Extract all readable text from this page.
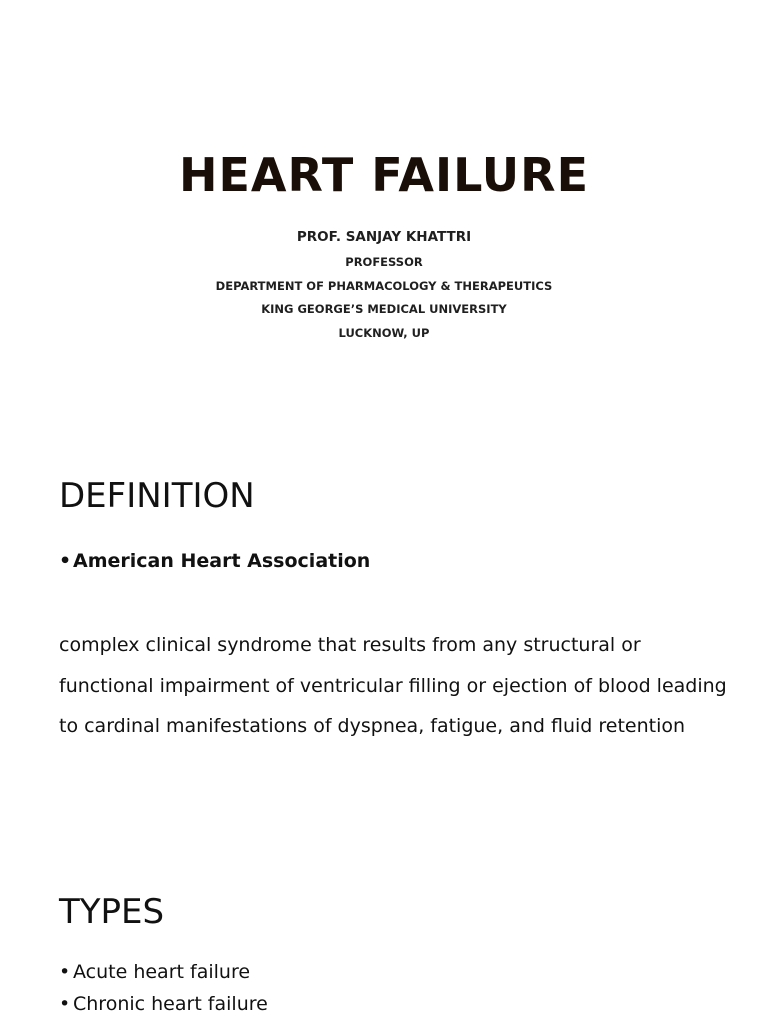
HEART FAILURE
PROF. SANJAY KHATTRI
PROFESSOR
DEPARTMENT OF PHARMACOLOGY & THERAPEUTICS
KING GEORGE’S MEDICAL UNIVERSITY
LUCKNOW, UP
DEFINITION
•American Heart Association
complex clinical syndrome that results from any structural or
functional impairment of ventricular filling or ejection of blood leading
to cardinal manifestations of dyspnea, fatigue, and fluid retention
TYPES
• Acute heart failure
• Chronic heart failure
